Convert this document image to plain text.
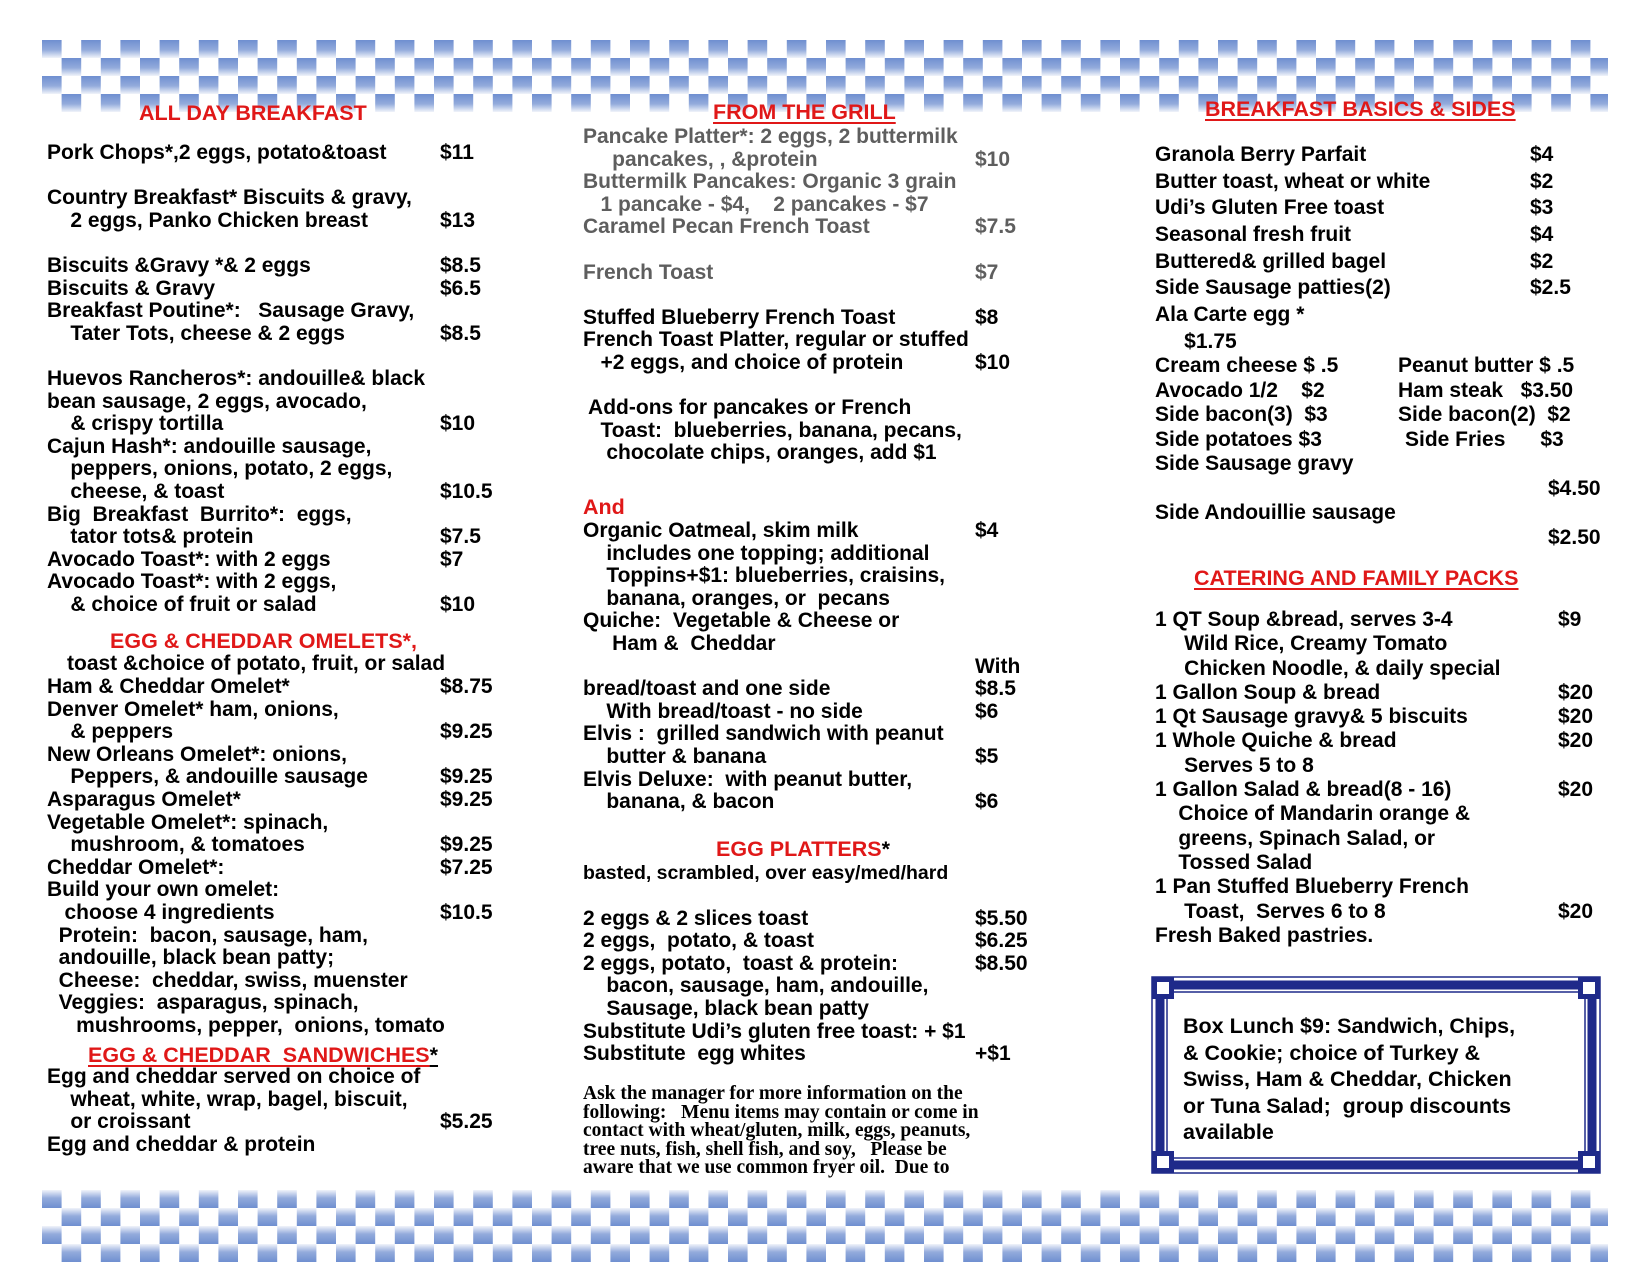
ALL DAY BREAKFAST
Pork Chops*,2 eggs, potato&toast	$11
Country Breakfast* Biscuits & gravy,
2 eggs, Panko Chicken breast	$13
Biscuits &Gravy *& 2 eggs	$8.5
Biscuits & Gravy	$6.5
Breakfast Poutine*:   Sausage Gravy,
Tater Tots, cheese & 2 eggs	$8.5
Huevos Rancheros*: andouille& black
bean sausage, 2 eggs, avocado,
& crispy tortilla	$10
Cajun Hash*: andouille sausage,
peppers, onions, potato, 2 eggs,
cheese, & toast	$10.5
Big  Breakfast  Burrito*:  eggs,
tator tots& protein	$7.5
Avocado Toast*: with 2 eggs	$7
Avocado Toast*: with 2 eggs,
& choice of fruit or salad	$10
EGG & CHEDDAR OMELETS*,
toast &choice of potato, fruit, or salad
Ham & Cheddar Omelet*	$8.75
Denver Omelet* ham, onions,
& peppers	$9.25
New Orleans Omelet*: onions,
Peppers, & andouille sausage	$9.25
Asparagus Omelet*	$9.25
Vegetable Omelet*: spinach,
mushroom, & tomatoes	$9.25
Cheddar Omelet*:	$7.25
Build your own omelet:
choose 4 ingredients	$10.5
Protein:  bacon, sausage, ham,
andouille, black bean patty;
Cheese:  cheddar, swiss, muenster
Veggies:  asparagus, spinach,
mushrooms, pepper,  onions, tomato
EGG & CHEDDAR  SANDWICHES*
Egg and cheddar served on choice of
wheat, white, wrap, bagel, biscuit,
or croissant	$5.25
Egg and cheddar & protein
FROM THE GRILL
Pancake Platter*: 2 eggs, 2 buttermilk
pancakes, , &protein	$10
Buttermilk Pancakes: Organic 3 grain
1 pancake - $4,    2 pancakes - $7
Caramel Pecan French Toast	$7.5
French Toast	$7
Stuffed Blueberry French Toast	$8
French Toast Platter, regular or stuffed
+2 eggs, and choice of protein	$10
Add-ons for pancakes or French
Toast:  blueberries, banana, pecans,
chocolate chips, oranges, add $1
And
Organic Oatmeal, skim milk	$4
includes one topping; additional
Toppins+$1: blueberries, craisins,
banana, oranges, or  pecans
Quiche:  Vegetable & Cheese or
Ham &  Cheddar
With
bread/toast and one side	$8.5
With bread/toast - no side	$6
Elvis :  grilled sandwich with peanut
butter & banana	$5
Elvis Deluxe:  with peanut butter,
banana, & bacon	$6
EGG PLATTERS*
basted, scrambled, over easy/med/hard
2 eggs & 2 slices toast	$5.50
2 eggs,  potato, & toast	$6.25
2 eggs, potato,  toast & protein:	$8.50
bacon, sausage, ham, andouille,
Sausage, black bean patty
Substitute Udi’s gluten free toast: + $1
Substitute  egg whites	+$1
Ask the manager for more information on the
following:   Menu items may contain or come in
contact with wheat/gluten, milk, eggs, peanuts,
tree nuts, fish, shell fish, and soy,   Please be
aware that we use common fryer oil.  Due to
BREAKFAST BASICS & SIDES
Granola Berry Parfait	$4
Butter toast, wheat or white	$2
Udi’s Gluten Free toast	$3
Seasonal fresh fruit	$4
Buttered& grilled bagel	$2
Side Sausage patties(2)	$2.5
Ala Carte egg *
$1.75
Cream cheese $ .5	Peanut butter $ .5
Avocado 1/2    $2	Ham steak   $3.50
Side bacon(3)  $3	Side bacon(2)  $2
Side potatoes $3	Side Fries      $3
Side Sausage gravy
$4.50
Side Andouillie sausage
$2.50
CATERING AND FAMILY PACKS
1 QT Soup &bread, serves 3-4	$9
Wild Rice, Creamy Tomato
Chicken Noodle, & daily special
1 Gallon Soup & bread	$20
1 Qt Sausage gravy& 5 biscuits	$20
1 Whole Quiche & bread	$20
Serves 5 to 8
1 Gallon Salad & bread(8 - 16)	$20
Choice of Mandarin orange &
greens, Spinach Salad, or
Tossed Salad
1 Pan Stuffed Blueberry French
Toast,  Serves 6 to 8	$20
Fresh Baked pastries.
Box Lunch $9: Sandwich, Chips,
& Cookie; choice of Turkey &
Swiss, Ham & Cheddar, Chicken
or Tuna Salad;  group discounts
available
